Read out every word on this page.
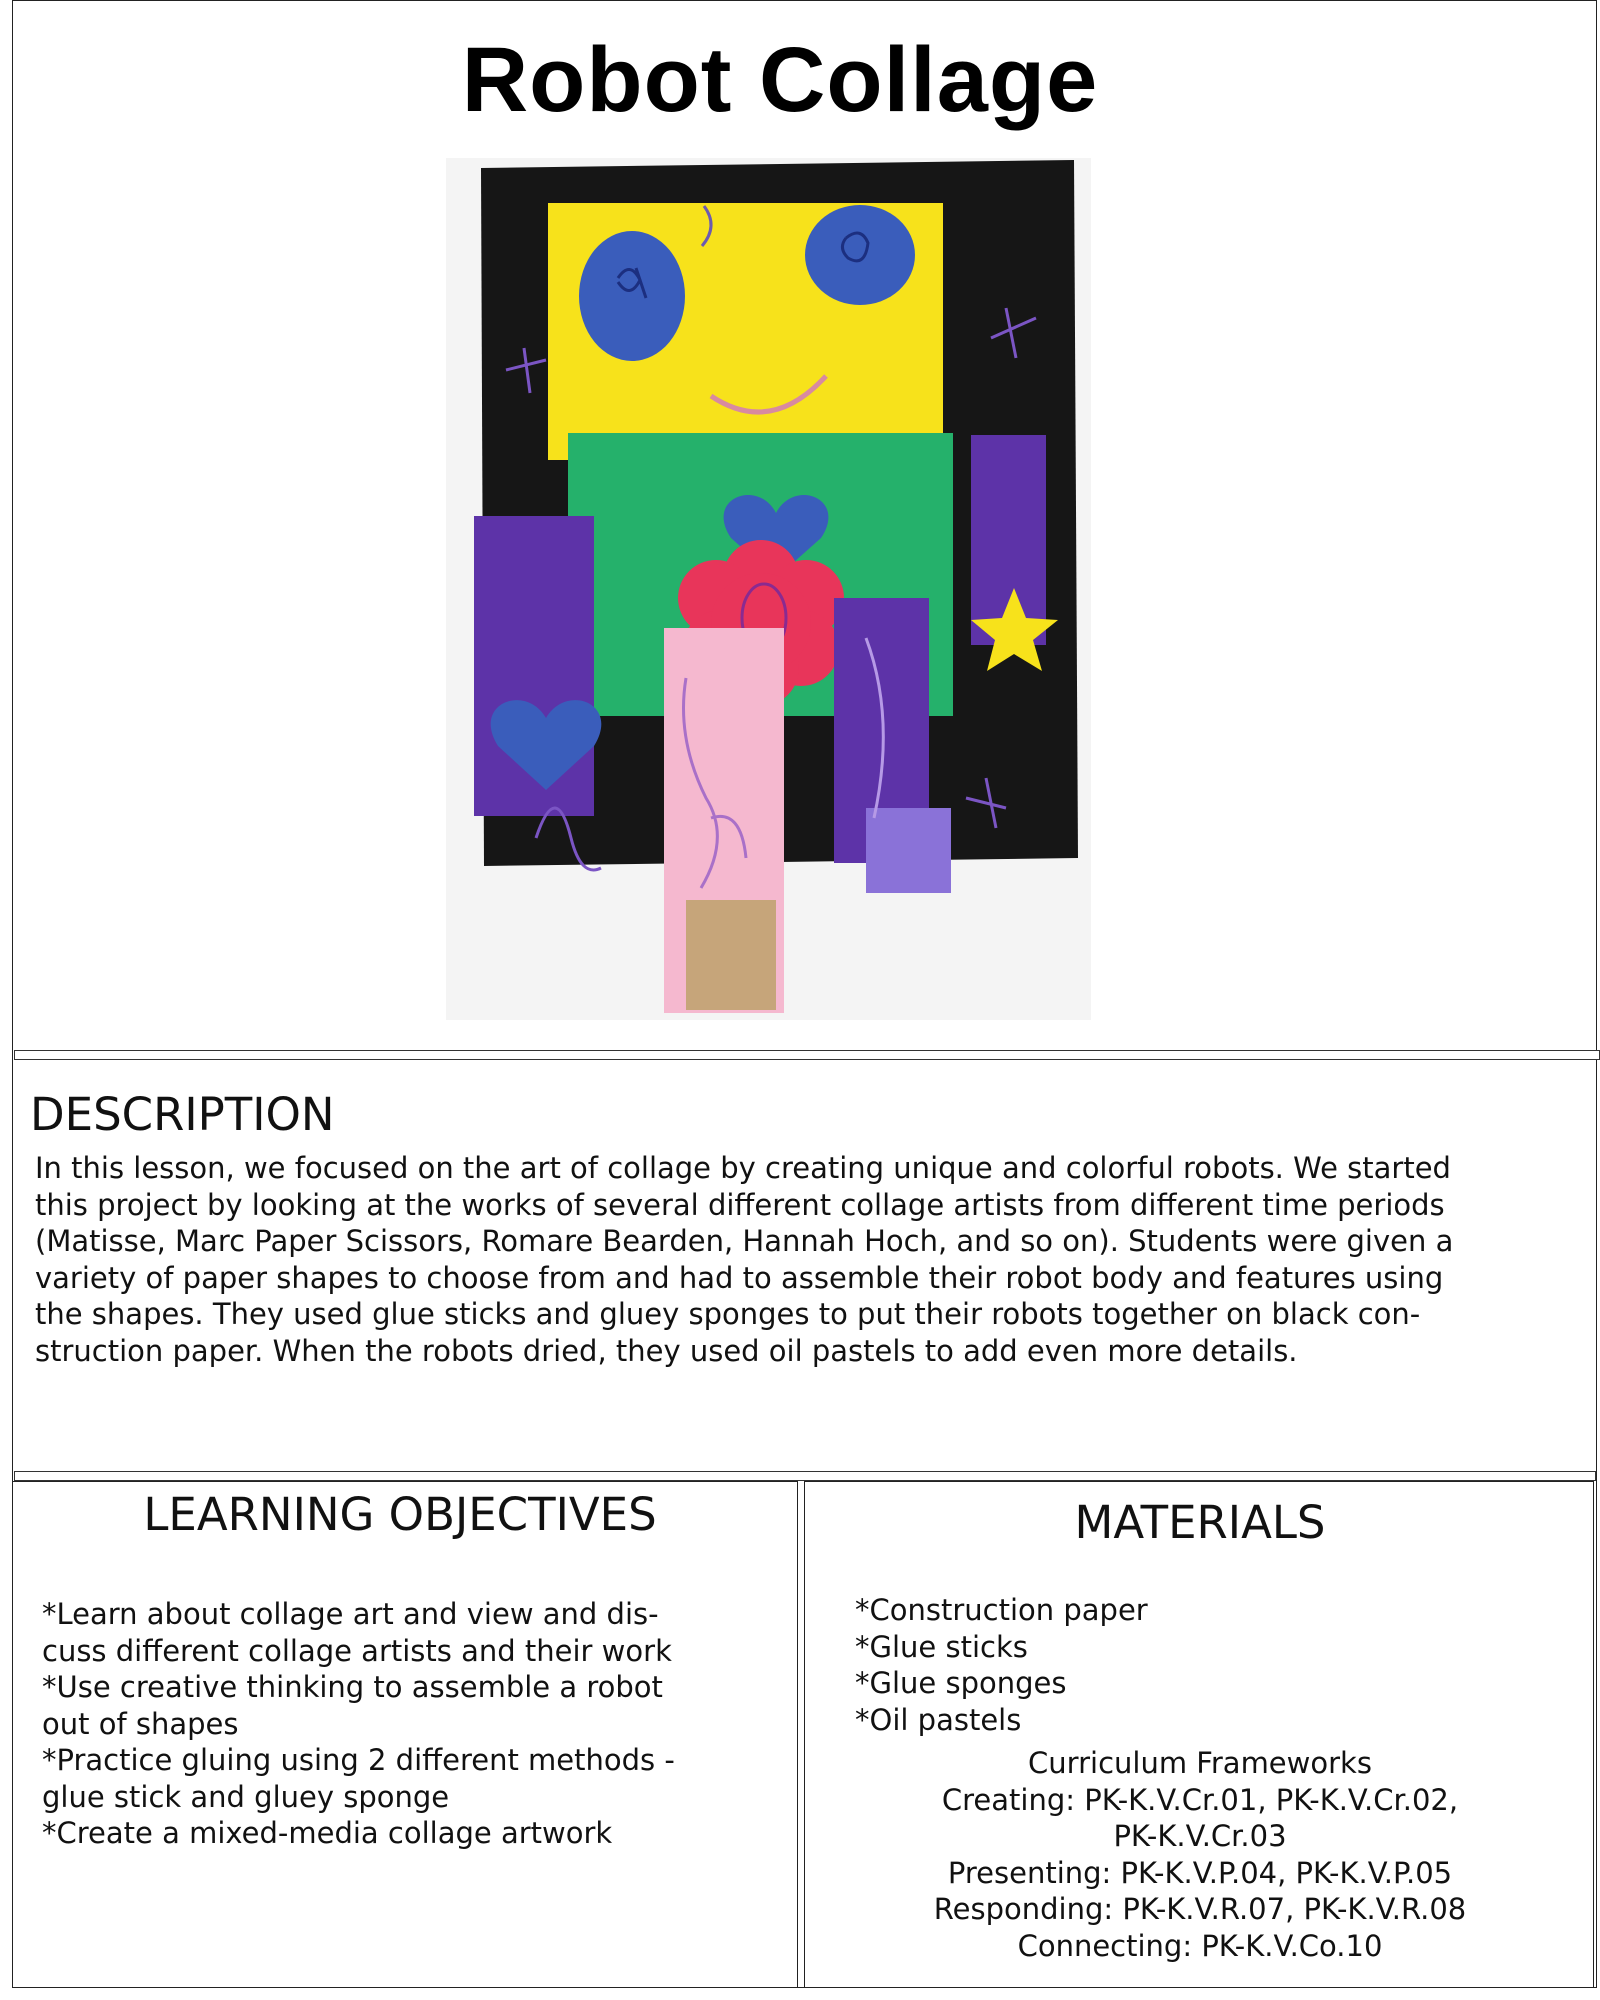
Robot Collage
DESCRIPTION
In this lesson, we focused on the art of collage by creating unique and colorful robots. We started
this project by looking at the works of several different collage artists from different time periods
(Matisse, Marc Paper Scissors, Romare Bearden, Hannah Hoch, and so on). Students were given a
variety of paper shapes to choose from and had to assemble their robot body and features using
the shapes. They used glue sticks and gluey sponges to put their robots together on black con-
struction paper. When the robots dried, they used oil pastels to add even more details.
LEARNING OBJECTIVES
*Learn about collage art and view and dis-
cuss different collage artists and their work
*Use creative thinking to assemble a robot
out of shapes
*Practice gluing using 2 different methods -
glue stick and gluey sponge
*Create a mixed-media collage artwork
MATERIALS
*Construction paper
*Glue sticks
*Glue sponges
*Oil pastels
Curriculum Frameworks
Creating: PK-K.V.Cr.01, PK-K.V.Cr.02,
PK-K.V.Cr.03
Presenting: PK-K.V.P.04, PK-K.V.P.05
Responding: PK-K.V.R.07, PK-K.V.R.08
Connecting: PK-K.V.Co.10
